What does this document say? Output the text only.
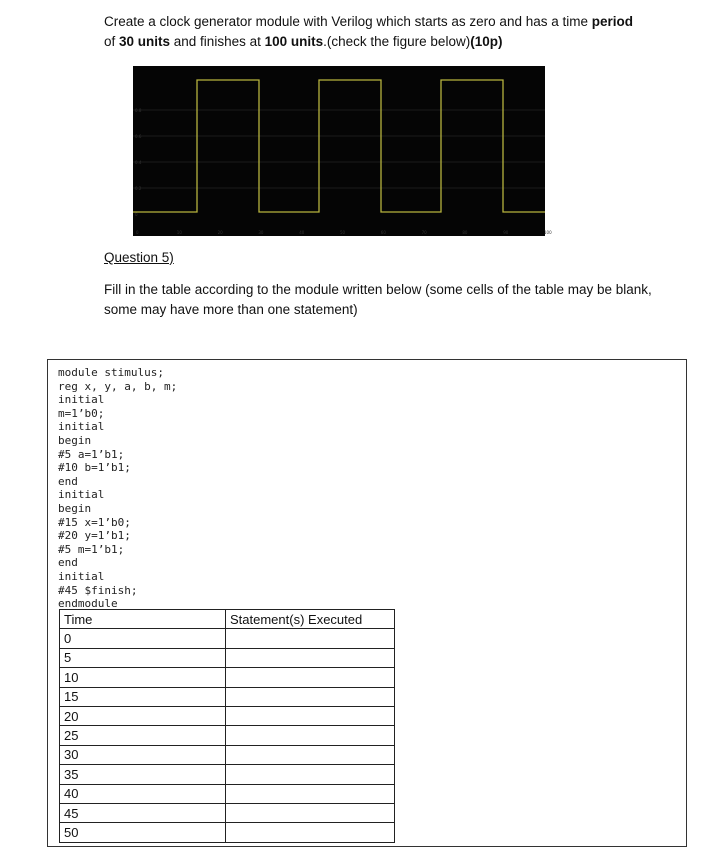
Create a clock generator module with Verilog which starts as zero and has a time period
of 30 units and finishes at 100 units.(check the figure below)(10p)
0.8
0.6
0.4
0.2
0
0	10	20	30	40	50	60	70	80	90	100
Question 5)
Fill in the table according to the module written below (some cells of the table may be blank, some may have more than one statement)
module stimulus;
reg x, y, a, b, m;
initial
m=1’b0;
initial
begin
#5 a=1’b1;
#10 b=1’b1;
end
initial
begin
#15 x=1’b0;
#20 y=1’b1;
#5 m=1’b1;
end
initial
#45 $finish;
endmodule
Time	Statement(s) Executed
0	
5	
10	
15	
20	
25	
30	
35	
40	
45	
50	
